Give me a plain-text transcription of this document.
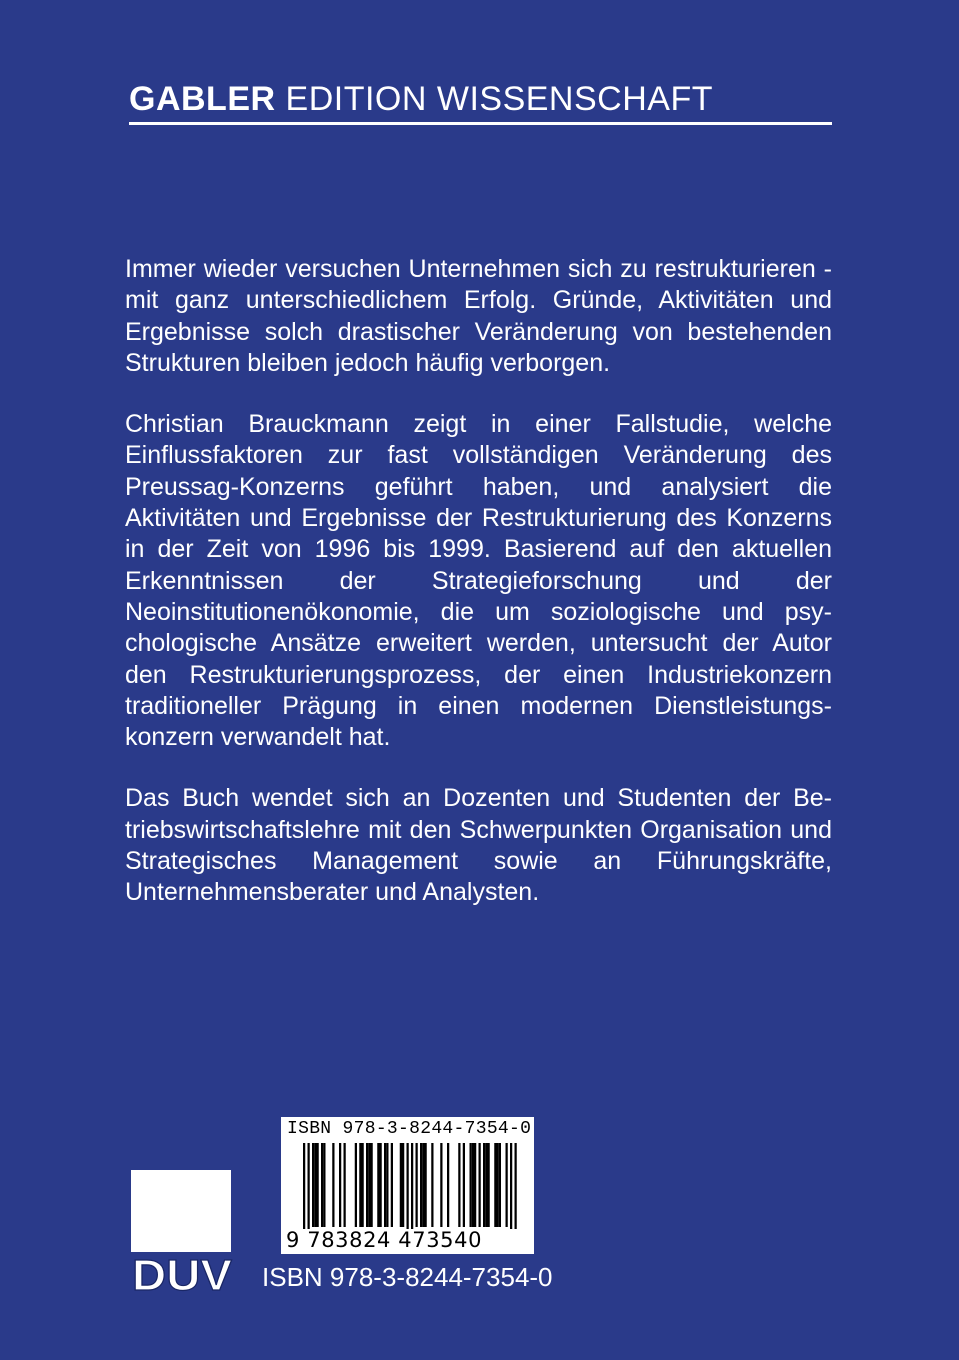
GABLER EDITION WISSENSCHAFT

Immer wieder versuchen Unternehmen sich zu restrukturieren - mit ganz unterschiedlichem Erfolg. Gründe, Aktivitäten und Ergebnisse solch drastischer Veränderung von bestehenden Strukturen bleiben jedoch häufig verborgen.

Christian Brauckmann zeigt in einer Fallstudie, welche Einflussfaktoren zur fast vollständigen Veränderung des Preussag-Konzerns geführt haben, und analysiert die Aktivitäten und Ergebnisse der Restrukturierung des Konzerns in der Zeit von 1996 bis 1999. Basierend auf den aktuellen Erkenntnissen der Strategieforschung und der Neoinstitutionenökonomie, die um soziologische und psychologische Ansätze erweitert werden, untersucht der Autor den Restrukturierungsprozess, der einen Industriekonzern traditioneller Prägung in einen modernen Dienstleistungskonzern verwandelt hat.

Das Buch wendet sich an Dozenten und Studenten der Betriebswirtschaftslehre mit den Schwerpunkten Organisation und Strategisches Management sowie an Führungskräfte, Unternehmensberater und Analysten.

ISBN 978-3-8244-7354-0
9 783824 473540
ISBN 978-3-8244-7354-0
DUV
